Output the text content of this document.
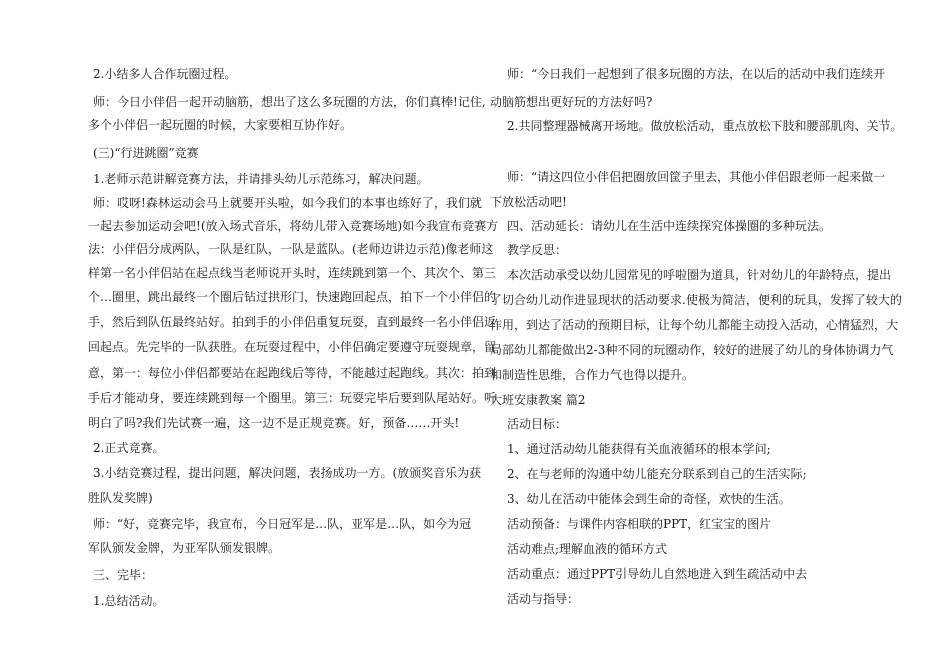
2.小结多人合作玩圈过程。
师：今日小伴侣一起开动脑筋，想出了这么多玩圈的方法，你们真棒!记住,
多个小伴侣一起玩圈的时候，大家要相互协作好。
(三)“行进跳圈”竞赛
1.老师示范讲解竞赛方法，并请排头幼儿示范练习，解决问题。
师：哎呀!森林运动会马上就要开头啦，如今我们的本事也练好了，我们就
一起去参加运动会吧!(放入场式音乐，将幼儿带入竞赛场地)如今我宣布竞赛方
法：小伴侣分成两队，一队是红队，一队是蓝队。(老师边讲边示范)像老师这
样第一名小伴侣站在起点线当老师说开头时，连续跳到第一个、其次个、第三
个…圈里，跳出最终一个圈后钻过拱形门，快速跑回起点，拍下一个小伴侣的
手，然后到队伍最终站好。拍到手的小伴侣重复玩耍，直到最终一名小伴侣返
回起点。先完毕的一队获胜。在玩耍过程中，小伴侣确定要遵守玩耍规章，留
意，第一：每位小伴侣都要站在起跑线后等待，不能越过起跑线。其次：拍到
手后才能动身，要连续跳到每一个圈里。第三：玩耍完毕后要到队尾站好。听
明白了吗?我们先试赛一遍，这一边不是正规竞赛。好，预备……开头!
2.正式竞赛。
3.小结竞赛过程，提出问题，解决问题，表扬成功一方。(放颁奖音乐为获
胜队发奖牌)
师：“好，竞赛完毕，我宣布，今日冠军是…队，亚军是…队，如今为冠
军队颁发金牌，为亚军队颁发银牌。
三、完毕：
1.总结活动。
师：“今日我们一起想到了很多玩圈的方法，在以后的活动中我们连续开
动脑筋想出更好玩的方法好吗?
2.共同整理器械离开场地。做放松活动，重点放松下肢和腰部肌肉、关节。
师：“请这四位小伴侣把圈放回筐子里去，其他小伴侣跟老师一起来做一
下放松活动吧!
四、活动延长：请幼儿在生活中连续探究体操圈的多种玩法。
教学反思：
本次活动承受以幼儿园常见的呼啦圈为道具，针对幼儿的年龄特点，提出
了切合幼儿动作进显现状的活动要求.使极为简洁，便利的玩具，发挥了较大的
作用，到达了活动的预期目标，让每个幼儿都能主动投入活动，心情猛烈，大
局部幼儿都能做出2-3种不同的玩圈动作，较好的进展了幼儿的身体协调力气
和制造性思维，合作力气也得以提升。
大班安康教案 篇2
活动目标：
1、通过活动幼儿能获得有关血液循环的根本学问;
2、在与老师的沟通中幼儿能充分联系到自己的生活实际;
3、幼儿在活动中能体会到生命的奇怪，欢快的生活。
活动预备：与课件内容相联的PPT，红宝宝的图片
活动难点;理解血液的循环方式
活动重点：通过PPT引导幼儿自然地进入到生疏活动中去
活动与指导：
